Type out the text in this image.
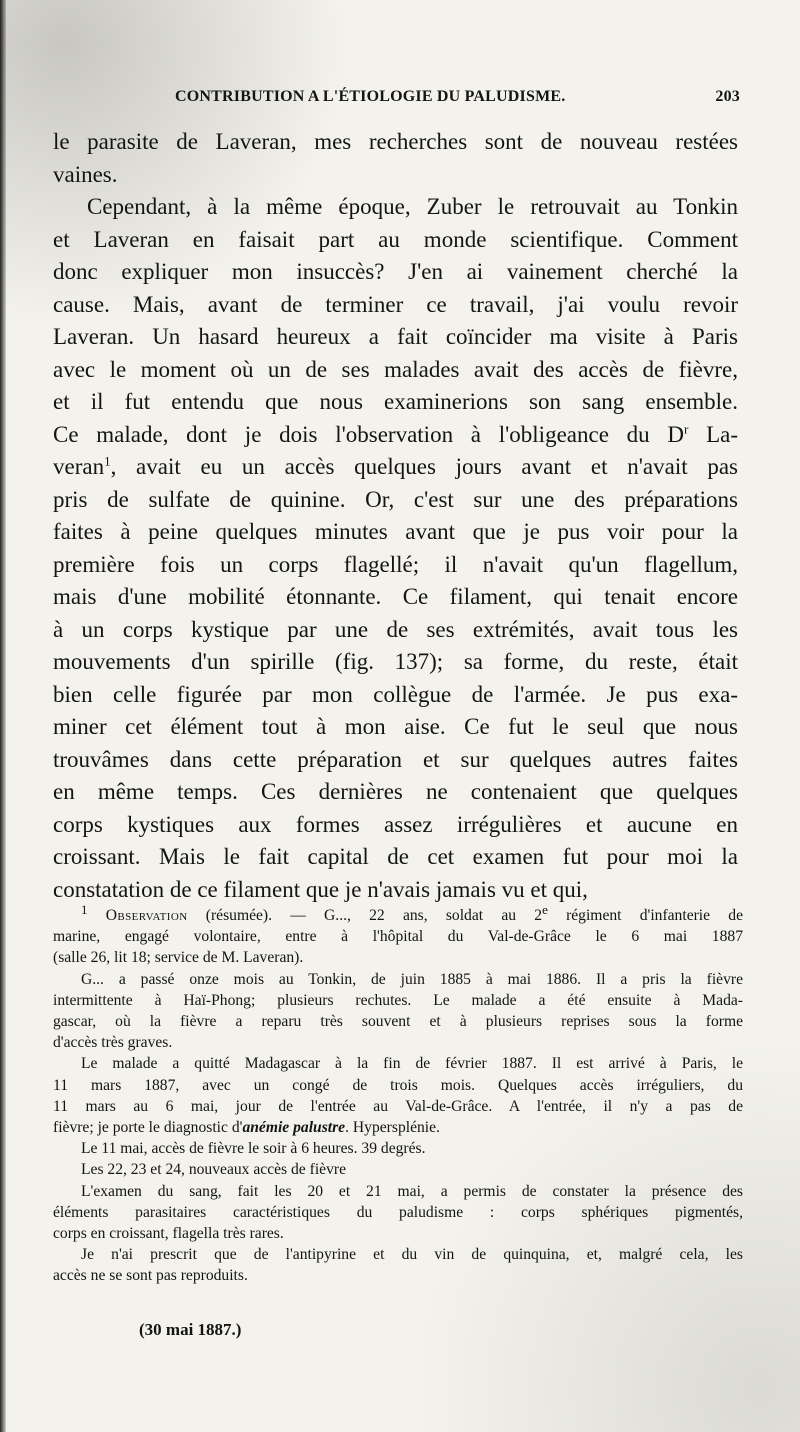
CONTRIBUTION A L'ÉTIOLOGIE DU PALUDISME.	203
le parasite de Laveran, mes recherches sont de nouveau restées
vaines.
Cependant, à la même époque, Zuber le retrouvait au Tonkin
et Laveran en faisait part au monde scientifique. Comment
donc expliquer mon insuccès? J'en ai vainement cherché la
cause. Mais, avant de terminer ce travail, j'ai voulu revoir
Laveran. Un hasard heureux a fait coïncider ma visite à Paris
avec le moment où un de ses malades avait des accès de fièvre,
et il fut entendu que nous examinerions son sang ensemble.
Ce malade, dont je dois l'observation à l'obligeance du $D^r$ La-
veran$^1$, avait eu un accès quelques jours avant et n'avait pas
pris de sulfate de quinine. Or, c'est sur une des préparations
faites à peine quelques minutes avant que je pus voir pour la
première fois un corps flagellé; il n'avait qu'un flagellum,
mais d'une mobilité étonnante. Ce filament, qui tenait encore
à un corps kystique par une de ses extrémités, avait tous les
mouvements d'un spirille (fig. 137); sa forme, du reste, était
bien celle figurée par mon collègue de l'armée. Je pus exa-
miner cet élément tout à mon aise. Ce fut le seul que nous
trouvâmes dans cette préparation et sur quelques autres faites
en même temps. Ces dernières ne contenaient que quelques
corps kystiques aux formes assez irrégulières et aucune en
croissant. Mais le fait capital de cet examen fut pour moi la
constatation de ce filament que je n'avais jamais vu et qui,
$^1$ Observation (résumée). — G..., 22 ans, soldat au 2e régiment d'infanterie de
marine, engagé volontaire, entre à l'hôpital du Val-de-Grâce le 6 mai 1887
(salle 26, lit 18; service de M. Laveran).
G... a passé onze mois au Tonkin, de juin 1885 à mai 1886. Il a pris la fièvre
intermittente à Haï-Phong; plusieurs rechutes. Le malade a été ensuite à Mada-
gascar, où la fièvre a reparu très souvent et à plusieurs reprises sous la forme
d'accès très graves.
Le malade a quitté Madagascar à la fin de février 1887. Il est arrivé à Paris, le
11 mars 1887, avec un congé de trois mois. Quelques accès irréguliers, du
11 mars au 6 mai, jour de l'entrée au Val-de-Grâce. A l'entrée, il n'y a pas de
fièvre; je porte le diagnostic d'anémie palustre. Hypersplénie.
Le 11 mai, accès de fièvre le soir à 6 heures. 39 degrés.
Les 22, 23 et 24, nouveaux accès de fièvre
L'examen du sang, fait les 20 et 21 mai, a permis de constater la présence des
éléments parasitaires caractéristiques du paludisme : corps sphériques pigmentés,
corps en croissant, flagella très rares.
Je n'ai prescrit que de l'antipyrine et du vin de quinquina, et, malgré cela, les
accès ne se sont pas reproduits.
(30 mai 1887.)
